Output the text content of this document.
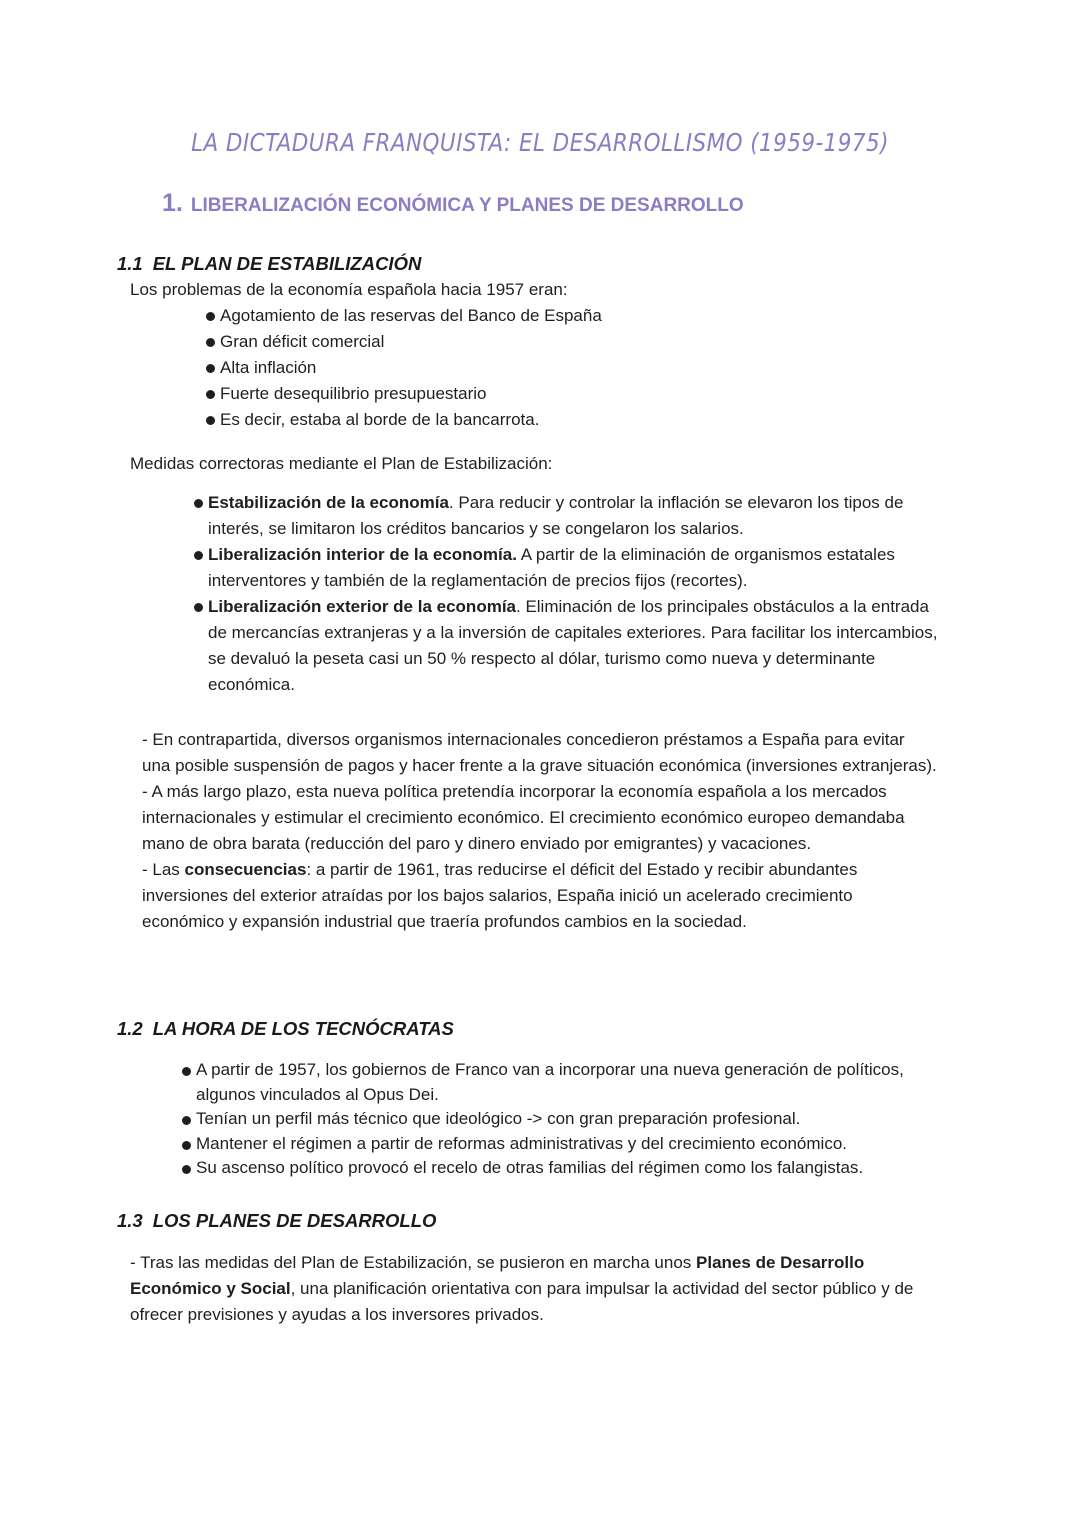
LA DICTADURA FRANQUISTA: EL DESARROLLISMO (1959-1975)
1. LIBERALIZACIÓN ECONÓMICA Y PLANES DE DESARROLLO
1.1 EL PLAN DE ESTABILIZACIÓN

Los problemas de la economía española hacia 1957 eran:

Agotamiento de las reservas del Banco de España
Gran déficit comercial
Alta inflación
Fuerte desequilibrio presupuestario
Es decir, estaba al borde de la bancarrota.

Medidas correctoras mediante el Plan de Estabilización:

Estabilización de la economía. Para reducir y controlar la inflación se elevaron los tipos de interés, se limitaron los créditos bancarios y se congelaron los salarios.
Liberalización interior de la economía. A partir de la eliminación de organismos estatales interventores y también de la reglamentación de precios fijos (recortes).
Liberalización exterior de la economía. Eliminación de los principales obstáculos a la entrada de mercancías extranjeras y a la inversión de capitales exteriores. Para facilitar los intercambios, se devaluó la peseta casi un 50 % respecto al dólar, turismo como nueva y determinante económica.

- En contrapartida, diversos organismos internacionales concedieron préstamos a España para evitar una posible suspensión de pagos y hacer frente a la grave situación económica (inversiones extranjeras).

- A más largo plazo, esta nueva política pretendía incorporar la economía española a los mercados internacionales y estimular el crecimiento económico. El crecimiento económico europeo demandaba mano de obra barata (reducción del paro y dinero enviado por emigrantes) y vacaciones.

- Las consecuencias: a partir de 1961, tras reducirse el déficit del Estado y recibir abundantes inversiones del exterior atraídas por los bajos salarios, España inició un acelerado crecimiento económico y expansión industrial que traería profundos cambios en la sociedad.

1.2 LA HORA DE LOS TECNÓCRATAS
A partir de 1957, los gobiernos de Franco van a incorporar una nueva generación de políticos, algunos vinculados al Opus Dei.
Tenían un perfil más técnico que ideológico -> con gran preparación profesional.
Mantener el régimen a partir de reformas administrativas y del crecimiento económico.
Su ascenso político provocó el recelo de otras familias del régimen como los falangistas.
1.3 LOS PLANES DE DESARROLLO

- Tras las medidas del Plan de Estabilización, se pusieron en marcha unos Planes de Desarrollo Económico y Social, una planificación orientativa con para impulsar la actividad del sector público y de ofrecer previsiones y ayudas a los inversores privados.
